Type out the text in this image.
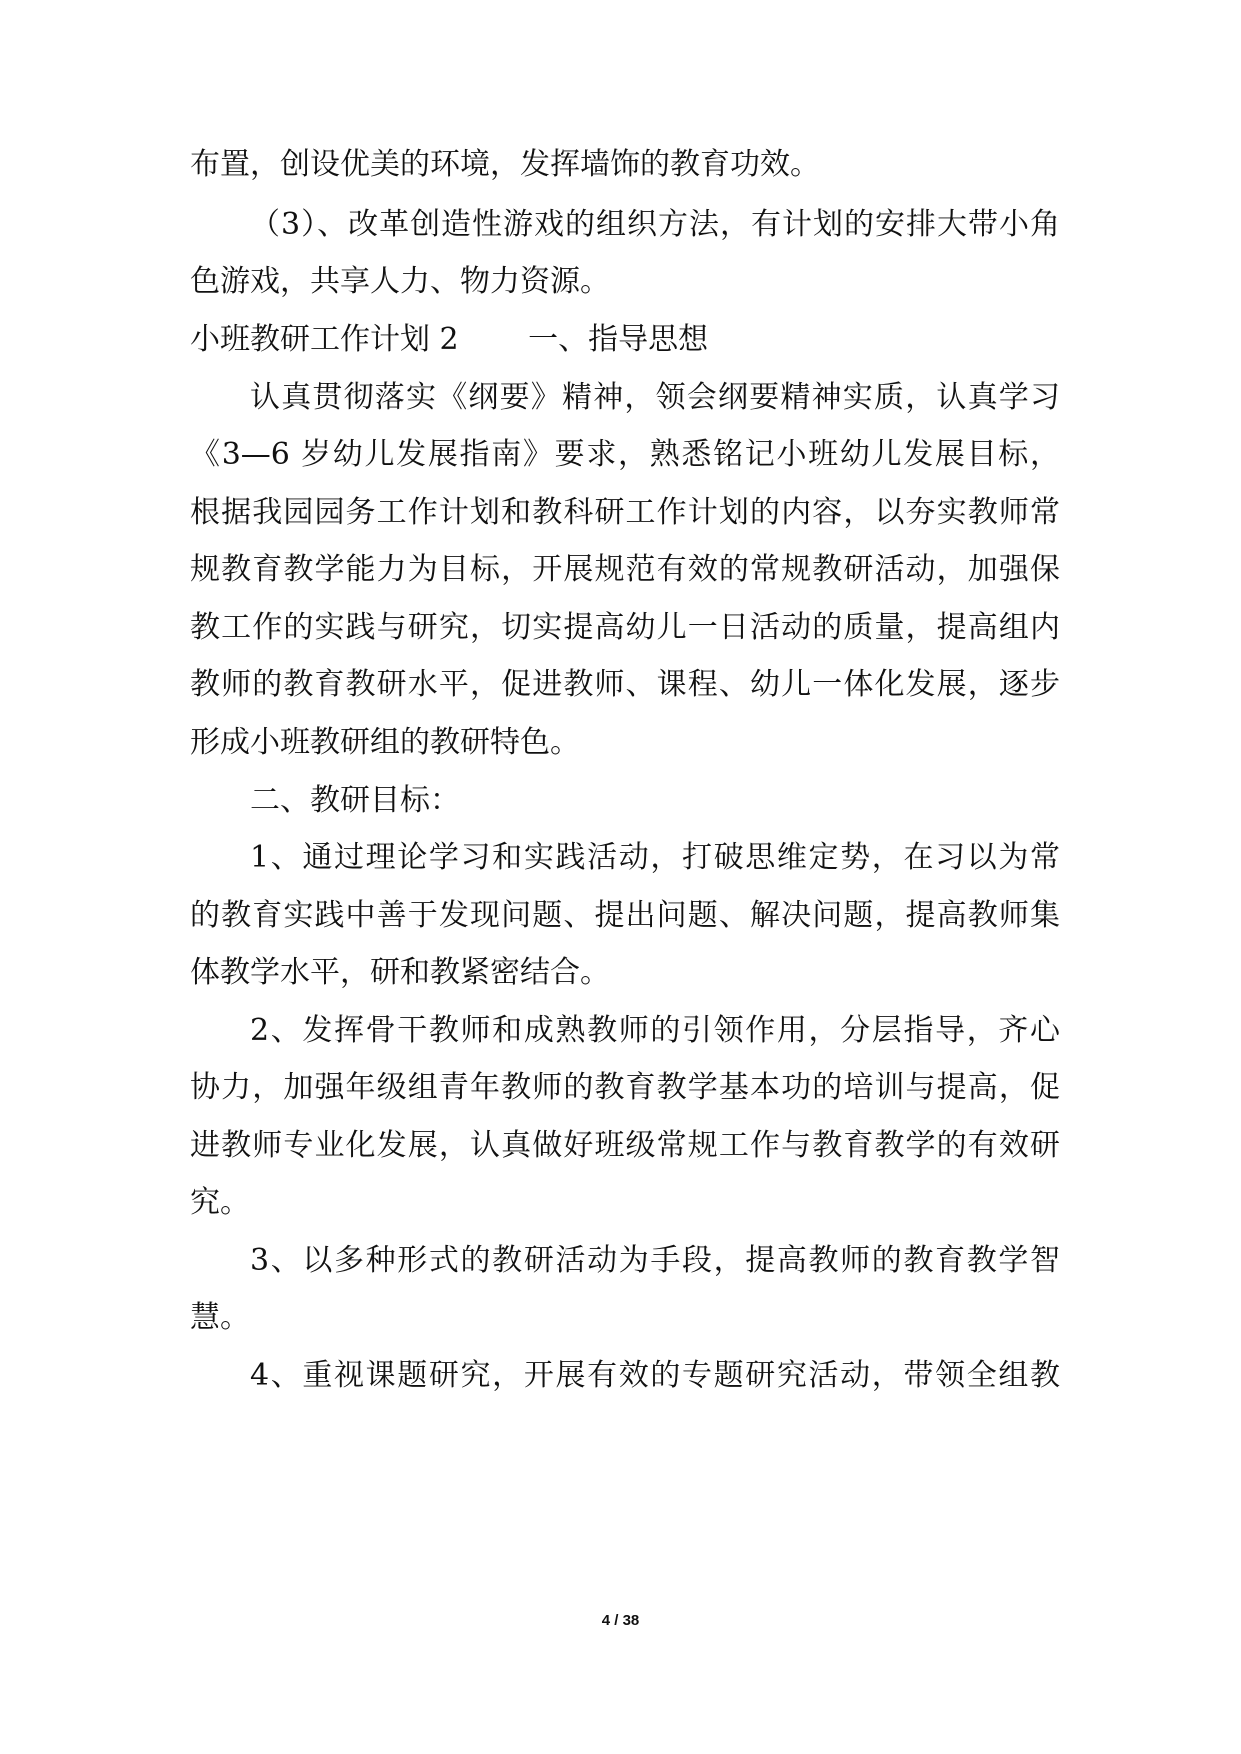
布置，创设优美的环境，发挥墙饰的教育功效。
（3）、改革创造性游戏的组织方法，有计划的安排大带小角
色游戏，共享人力、物力资源。
小班教研工作计划 2　　 一、指导思想
认真贯彻落实《纲要》精神，领会纲要精神实质，认真学习
《3—6 岁幼儿发展指南》要求，熟悉铭记小班幼儿发展目标，
根据我园园务工作计划和教科研工作计划的内容，以夯实教师常
规教育教学能力为目标，开展规范有效的常规教研活动，加强保
教工作的实践与研究，切实提高幼儿一日活动的质量，提高组内
教师的教育教研水平，促进教师、课程、幼儿一体化发展，逐步
形成小班教研组的教研特色。
二、教研目标：
1、通过理论学习和实践活动，打破思维定势，在习以为常
的教育实践中善于发现问题、提出问题、解决问题，提高教师集
体教学水平，研和教紧密结合。
2、发挥骨干教师和成熟教师的引领作用，分层指导，齐心
协力，加强年级组青年教师的教育教学基本功的培训与提高，促
进教师专业化发展，认真做好班级常规工作与教育教学的有效研
究。
3、以多种形式的教研活动为手段，提高教师的教育教学智
慧。
4、重视课题研究，开展有效的专题研究活动，带领全组教
4 / 38
